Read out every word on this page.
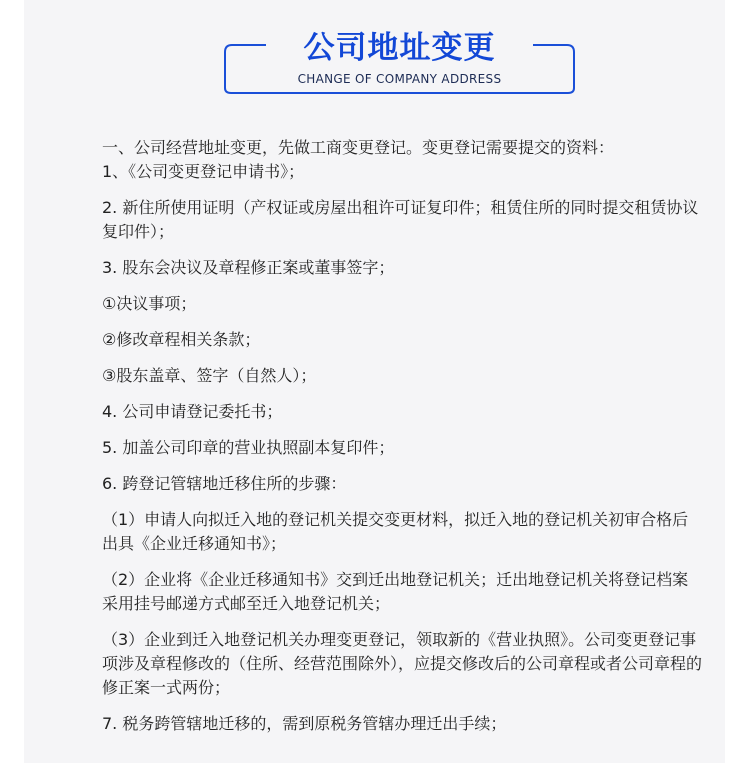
公司地址变更
CHANGE OF COMPANY ADDRESS

一、公司经营地址变更，先做工商变更登记。变更登记需要提交的资料：

1、《公司变更登记申请书》；

2. 新住所使用证明（产权证或房屋出租许可证复印件；租赁住所的同时提交租赁协议复印件）；

3. 股东会决议及章程修正案或董事签字；

①决议事项；

②修改章程相关条款；

③股东盖章、签字（自然人）；

4. 公司申请登记委托书；

5. 加盖公司印章的营业执照副本复印件；

6. 跨登记管辖地迁移住所的步骤：

（1）申请人向拟迁入地的登记机关提交变更材料，拟迁入地的登记机关初审合格后出具《企业迁移通知书》；

（2）企业将《企业迁移通知书》交到迁出地登记机关；迁出地登记机关将登记档案采用挂号邮递方式邮至迁入地登记机关；

（3）企业到迁入地登记机关办理变更登记，领取新的《营业执照》。公司变更登记事项涉及章程修改的（住所、经营范围除外），应提交修改后的公司章程或者公司章程的修正案一式两份；

7. 税务跨管辖地迁移的，需到原税务管辖办理迁出手续；
